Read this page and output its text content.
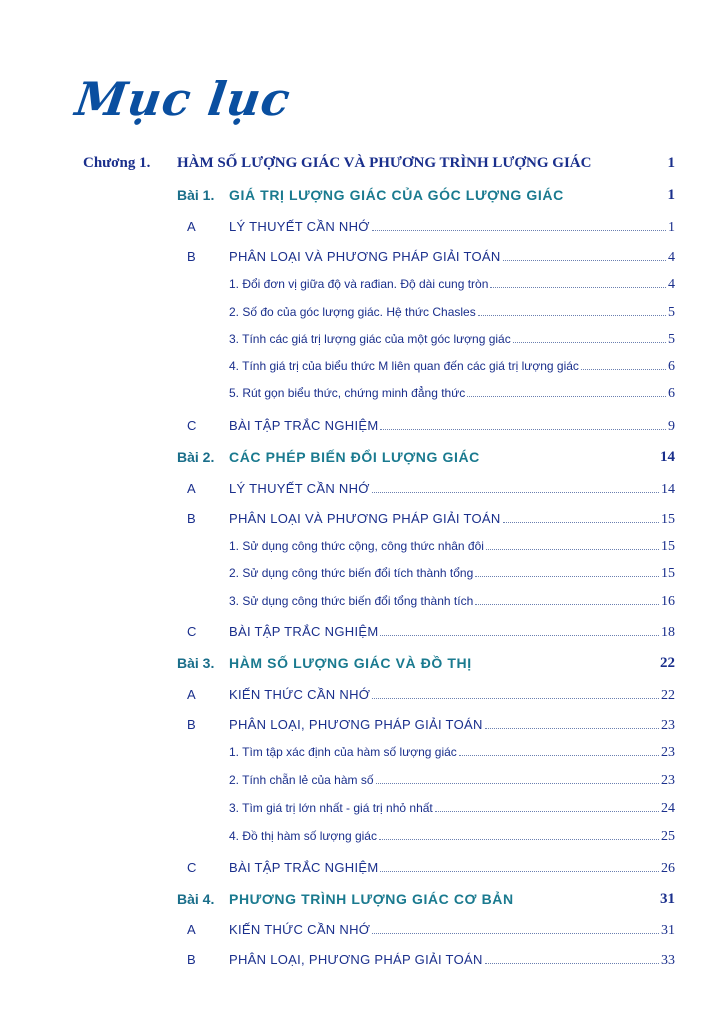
Mục lục
Chương 1. HÀM SỐ LƯỢNG GIÁC VÀ PHƯƠNG TRÌNH LƯỢNG GIÁC	1
Bài 1. GIÁ TRỊ LƯỢNG GIÁC CỦA GÓC LƯỢNG GIÁC	1
A	LÝ THUYẾT CẦN NHỚ	1
B	PHÂN LOẠI VÀ PHƯƠNG PHÁP GIẢI TOÁN	4
1. Đổi đơn vị giữa độ và rađian. Độ dài cung tròn	4
2. Số đo của góc lượng giác. Hệ thức Chasles	5
3. Tính các giá trị lượng giác của một góc lượng giác	5
4. Tính giá trị của biểu thức M liên quan đến các giá trị lượng giác	6
5. Rút gọn biểu thức, chứng minh đẳng thức	6
C	BÀI TẬP TRẮC NGHIỆM	9
Bài 2. CÁC PHÉP BIẾN ĐỔI LƯỢNG GIÁC	14
A	LÝ THUYẾT CẦN NHỚ	14
B	PHÂN LOẠI VÀ PHƯƠNG PHÁP GIẢI TOÁN	15
1. Sử dụng công thức cộng, công thức nhân đôi	15
2. Sử dụng công thức biến đổi tích thành tổng	15
3. Sử dụng công thức biến đổi tổng thành tích	16
C	BÀI TẬP TRẮC NGHIỆM	18
Bài 3. HÀM SỐ LƯỢNG GIÁC VÀ ĐỒ THỊ	22
A	KIẾN THỨC CẦN NHỚ	22
B	PHÂN LOẠI, PHƯƠNG PHÁP GIẢI TOÁN	23
1. Tìm tập xác định của hàm số lượng giác	23
2. Tính chẵn lẻ của hàm số	23
3. Tìm giá trị lớn nhất - giá trị nhỏ nhất	24
4. Đồ thị hàm số lượng giác	25
C	BÀI TẬP TRẮC NGHIỆM	26
Bài 4. PHƯƠNG TRÌNH LƯỢNG GIÁC CƠ BẢN	31
A	KIẾN THỨC CẦN NHỚ	31
B	PHÂN LOẠI, PHƯƠNG PHÁP GIẢI TOÁN	33
